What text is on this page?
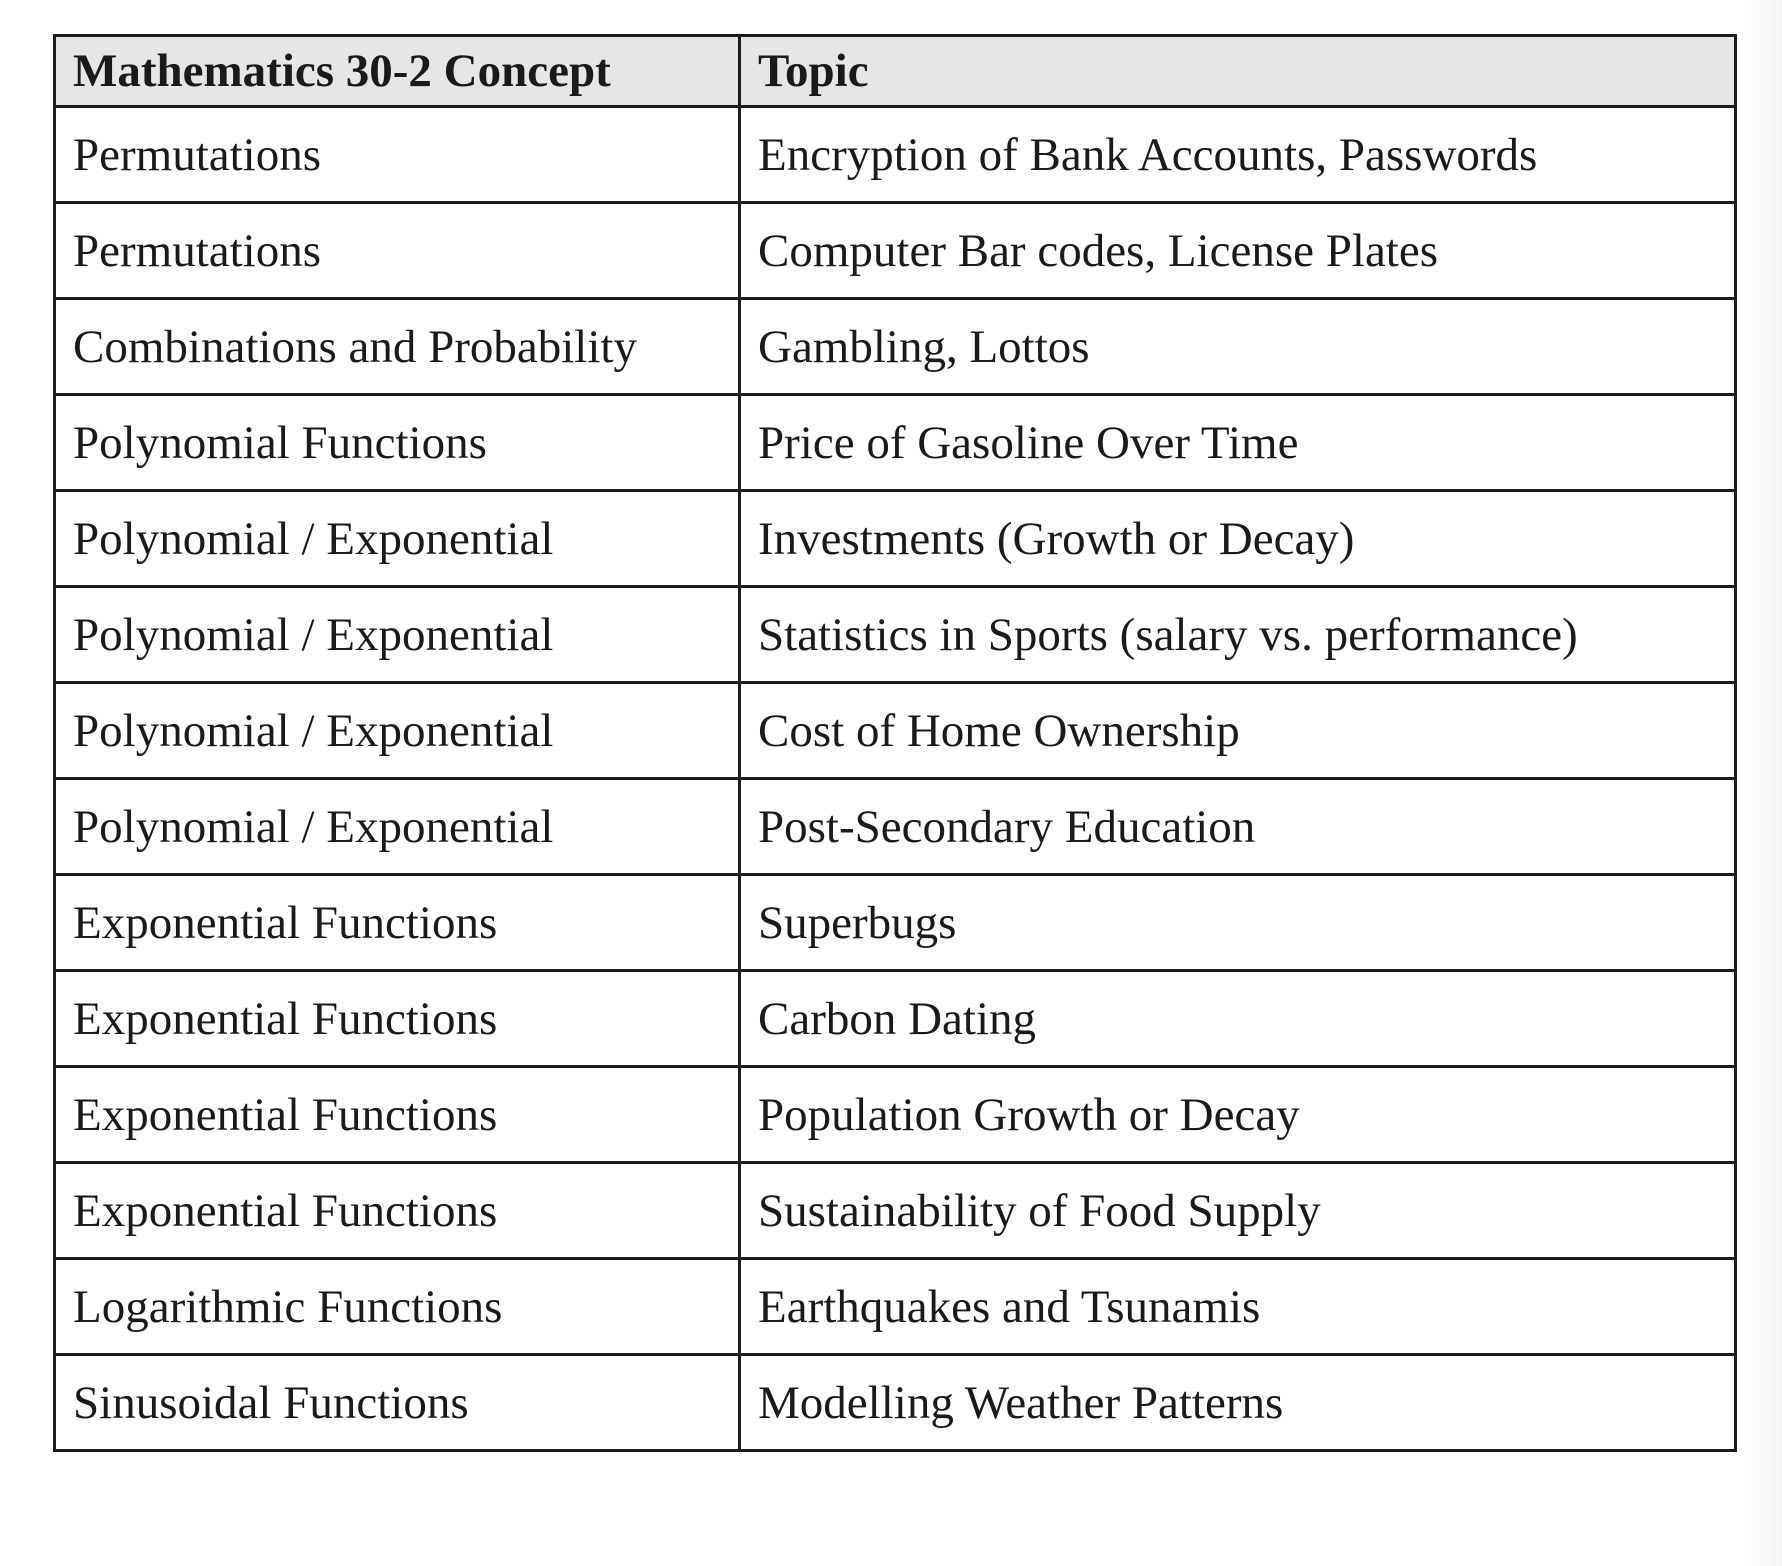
Mathematics 30-2 Concept	Topic
Permutations	Encryption of Bank Accounts, Passwords
Permutations	Computer Bar codes, License Plates
Combinations and Probability	Gambling, Lottos
Polynomial Functions	Price of Gasoline Over Time
Polynomial / Exponential	Investments (Growth or Decay)
Polynomial / Exponential	Statistics in Sports (salary vs. performance)
Polynomial / Exponential	Cost of Home Ownership
Polynomial / Exponential	Post-Secondary Education
Exponential Functions	Superbugs
Exponential Functions	Carbon Dating
Exponential Functions	Population Growth or Decay
Exponential Functions	Sustainability of Food Supply
Logarithmic Functions	Earthquakes and Tsunamis
Sinusoidal Functions	Modelling Weather Patterns
